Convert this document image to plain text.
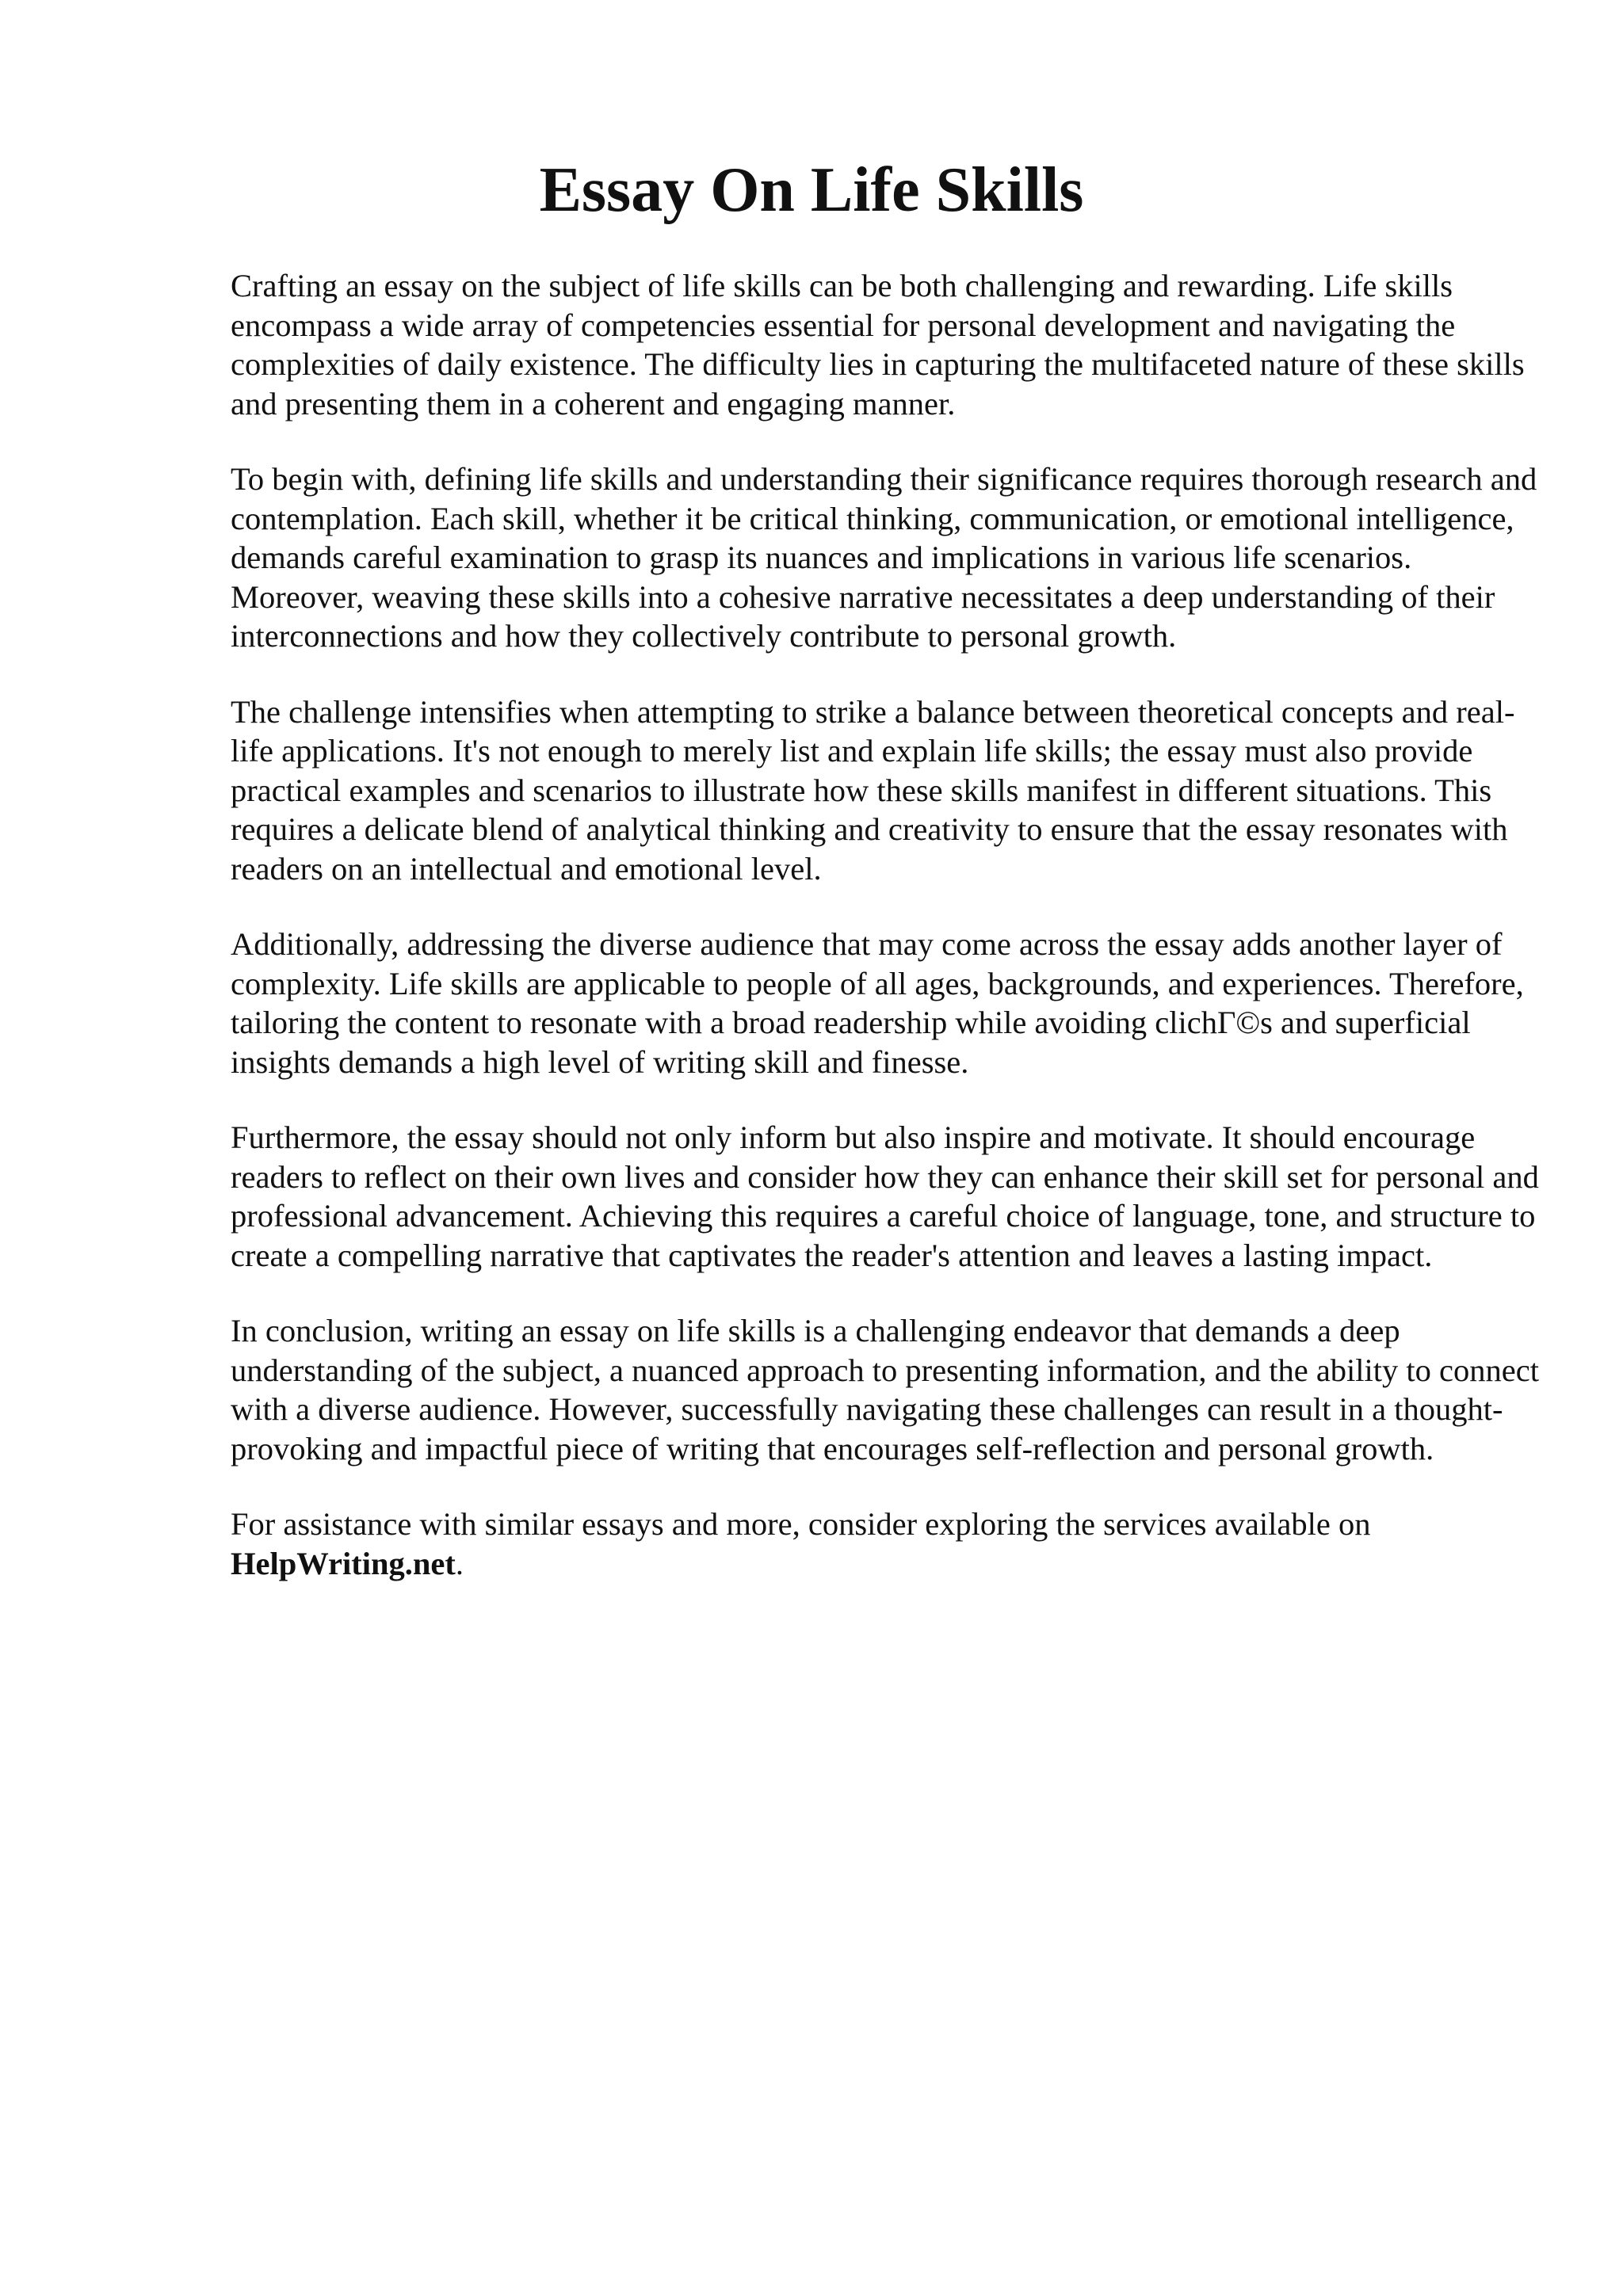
Essay On Life Skills

Crafting an essay on the subject of life skills can be both challenging and rewarding. Life skills encompass a wide array of competencies essential for personal development and navigating the complexities of daily existence. The difficulty lies in capturing the multifaceted nature of these skills and presenting them in a coherent and engaging manner.

To begin with, defining life skills and understanding their significance requires thorough research and contemplation. Each skill, whether it be critical thinking, communication, or emotional intelligence, demands careful examination to grasp its nuances and implications in various life scenarios. Moreover, weaving these skills into a cohesive narrative necessitates a deep understanding of their interconnections and how they collectively contribute to personal growth.

The challenge intensifies when attempting to strike a balance between theoretical concepts and real-life applications. It's not enough to merely list and explain life skills; the essay must also provide practical examples and scenarios to illustrate how these skills manifest in different situations. This requires a delicate blend of analytical thinking and creativity to ensure that the essay resonates with readers on an intellectual and emotional level.

Additionally, addressing the diverse audience that may come across the essay adds another layer of complexity. Life skills are applicable to people of all ages, backgrounds, and experiences. Therefore, tailoring the content to resonate with a broad readership while avoiding clichΓ©s and superficial insights demands a high level of writing skill and finesse.

Furthermore, the essay should not only inform but also inspire and motivate. It should encourage readers to reflect on their own lives and consider how they can enhance their skill set for personal and professional advancement. Achieving this requires a careful choice of language, tone, and structure to create a compelling narrative that captivates the reader's attention and leaves a lasting impact.

In conclusion, writing an essay on life skills is a challenging endeavor that demands a deep understanding of the subject, a nuanced approach to presenting information, and the ability to connect with a diverse audience. However, successfully navigating these challenges can result in a thought-provoking and impactful piece of writing that encourages self-reflection and personal growth.

For assistance with similar essays and more, consider exploring the services available on
HelpWriting.net.
